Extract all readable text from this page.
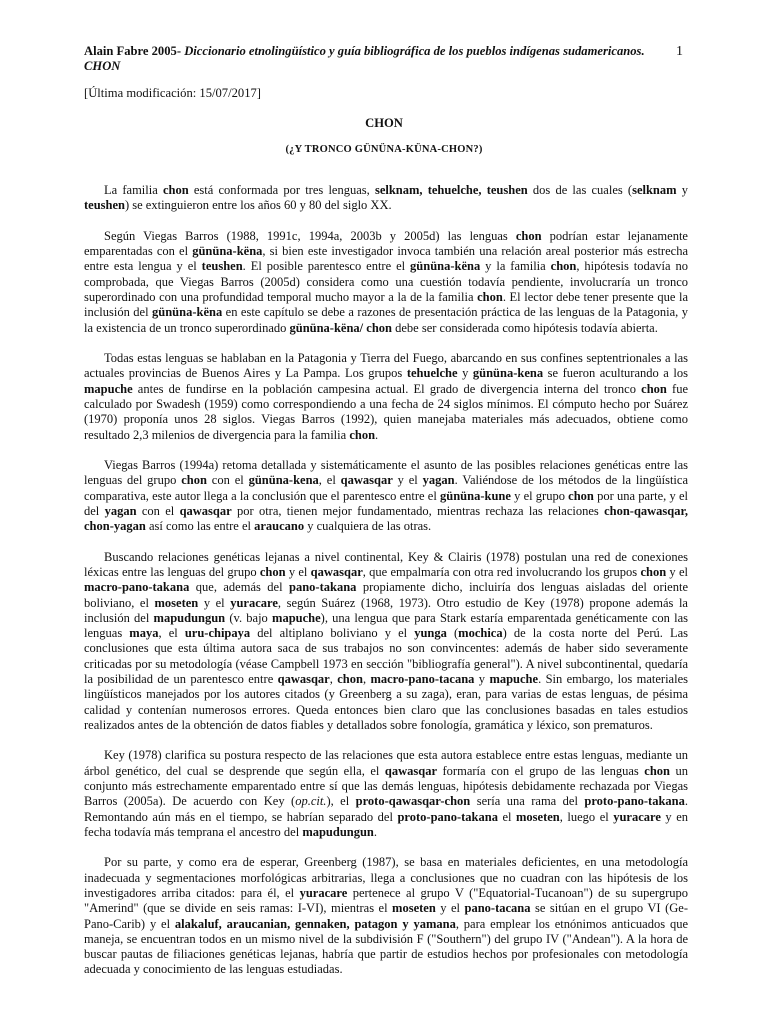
Alain Fabre 2005- Diccionario etnolingüístico y guía bibliográfica de los pueblos indígenas sudamericanos.
CHON
1
[Última modificación: 15/07/2017]
CHON
(¿Y TRONCO GÜNÜNA-KÜNA-CHON?)

La familia chon está conformada por tres lenguas, selknam, tehuelche, teushen dos de las cuales (selknam y teushen) se extinguieron entre los años 60 y 80 del siglo XX.

Según Viegas Barros (1988, 1991c, 1994a, 2003b y 2005d) las lenguas chon podrían estar lejanamente emparentadas con el gününa-këna, si bien este investigador invoca también una relación areal posterior más estrecha entre esta lengua y el teushen. El posible parentesco entre el gününa-këna y la familia chon, hipótesis todavía no comprobada, que Viegas Barros (2005d) considera como una cuestión todavía pendiente, involucraría un tronco superordinado con una profundidad temporal mucho mayor a la de la familia chon. El lector debe tener presente que la inclusión del gününa-këna en este capítulo se debe a razones de presentación práctica de las lenguas de la Patagonia, y la existencia de un tronco superordinado gününa-këna/ chon debe ser considerada como hipótesis todavía abierta.

Todas estas lenguas se hablaban en la Patagonia y Tierra del Fuego, abarcando en sus confines septentrionales a las actuales provincias de Buenos Aires y La Pampa. Los grupos tehuelche y gününa-kena se fueron aculturando a los mapuche antes de fundirse en la población campesina actual. El grado de divergencia interna del tronco chon fue calculado por Swadesh (1959) como correspondiendo a una fecha de 24 siglos mínimos. El cómputo hecho por Suárez (1970) proponía unos 28 siglos. Viegas Barros (1992), quien manejaba materiales más adecuados, obtiene como resultado 2,3 milenios de divergencia para la familia chon.

Viegas Barros (1994a) retoma detallada y sistemáticamente el asunto de las posibles relaciones genéticas entre las lenguas del grupo chon con el gününa-kena, el qawasqar y el yagan. Valiéndose de los métodos de la lingüística comparativa, este autor llega a la conclusión que el parentesco entre el gününa-kune y el grupo chon por una parte, y el del yagan con el qawasqar por otra, tienen mejor fundamentado, mientras rechaza las relaciones chon-qawasqar, chon-yagan así como las entre el araucano y cualquiera de las otras.

Buscando relaciones genéticas lejanas a nivel continental, Key & Clairis (1978) postulan una red de conexiones léxicas entre las lenguas del grupo chon y el qawasqar, que empalmaría con otra red involucrando los grupos chon y el macro-pano-takana que, además del pano-takana propiamente dicho, incluiría dos lenguas aisladas del oriente boliviano, el moseten y el yuracare, según Suárez (1968, 1973). Otro estudio de Key (1978) propone además la inclusión del mapudungun (v. bajo mapuche), una lengua que para Stark estaría emparentada genéticamente con las lenguas maya, el uru-chipaya del altiplano boliviano y el yunga (mochica) de la costa norte del Perú. Las conclusiones que esta última autora saca de sus trabajos no son convincentes: además de haber sido severamente criticadas por su metodología (véase Campbell 1973 en sección "bibliografía general"). A nivel subcontinental, quedaría la posibilidad de un parentesco entre qawasqar, chon, macro-pano-tacana y mapuche. Sin embargo, los materiales lingüísticos manejados por los autores citados (y Greenberg a su zaga), eran, para varias de estas lenguas, de pésima calidad y contenían numerosos errores. Queda entonces bien claro que las conclusiones basadas en tales estudios realizados antes de la obtención de datos fiables y detallados sobre fonología, gramática y léxico, son prematuros.

Key (1978) clarifica su postura respecto de las relaciones que esta autora establece entre estas lenguas, mediante un árbol genético, del cual se desprende que según ella, el qawasqar formaría con el grupo de las lenguas chon un conjunto más estrechamente emparentado entre sí que las demás lenguas, hipótesis debidamente rechazada por Viegas Barros (2005a). De acuerdo con Key (op.cit.), el proto-qawasqar-chon sería una rama del proto-pano-takana. Remontando aún más en el tiempo, se habrían separado del proto-pano-takana el moseten, luego el yuracare y en fecha todavía más temprana el ancestro del mapudungun.

Por su parte, y como era de esperar, Greenberg (1987), se basa en materiales deficientes, en una metodología inadecuada y segmentaciones morfológicas arbitrarias, llega a conclusiones que no cuadran con las hipótesis de los investigadores arriba citados: para él, el yuracare pertenece al grupo V ("Equatorial-Tucanoan") de su supergrupo "Amerind" (que se divide en seis ramas: I-VI), mientras el moseten y el pano-tacana se sitúan en el grupo VI (Ge-Pano-Carib) y el alakaluf, araucanian, gennaken, patagon y yamana, para emplear los etnónimos anticuados que maneja, se encuentran todos en un mismo nivel de la subdivisión F ("Southern") del grupo IV ("Andean"). A la hora de buscar pautas de filiaciones genéticas lejanas, habría que partir de estudios hechos por profesionales con metodología adecuada y conocimiento de las lenguas estudiadas.
